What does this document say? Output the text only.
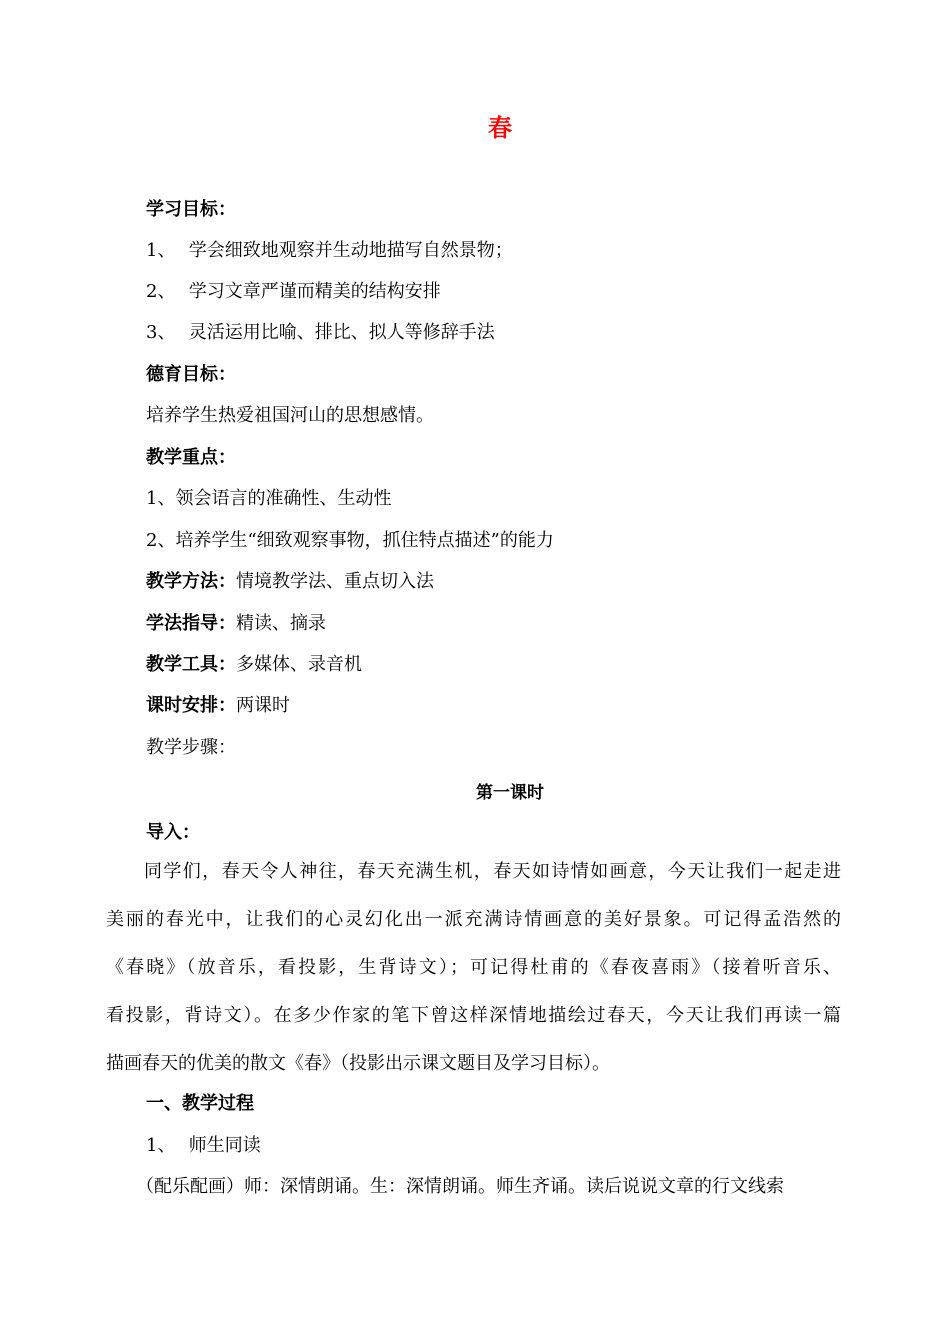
春
学习目标：
1、 学会细致地观察并生动地描写自然景物；
2、 学习文章严谨而精美的结构安排
3、 灵活运用比喻、排比、拟人等修辞手法
德育目标：
培养学生热爱祖国河山的思想感情。
教学重点：
1、领会语言的准确性、生动性
2、培养学生“细致观察事物，抓住特点描述”的能力
教学方法：情境教学法、重点切入法
学法指导：精读、摘录
教学工具：多媒体、录音机
课时安排：两课时
教学步骤：
第一课时
导入：
同学们，春天令人神往，春天充满生机，春天如诗情如画意，今天让我们一起走进
美丽的春光中，让我们的心灵幻化出一派充满诗情画意的美好景象。可记得孟浩然的
《春晓》（放音乐，看投影，生背诗文）；可记得杜甫的《春夜喜雨》（接着听音乐、
看投影，背诗文）。在多少作家的笔下曾这样深情地描绘过春天，今天让我们再读一篇
描画春天的优美的散文《春》（投影出示课文题目及学习目标）。
一、教学过程
1、 师生同读
（配乐配画）师：深情朗诵。生：深情朗诵。师生齐诵。读后说说文章的行文线索
